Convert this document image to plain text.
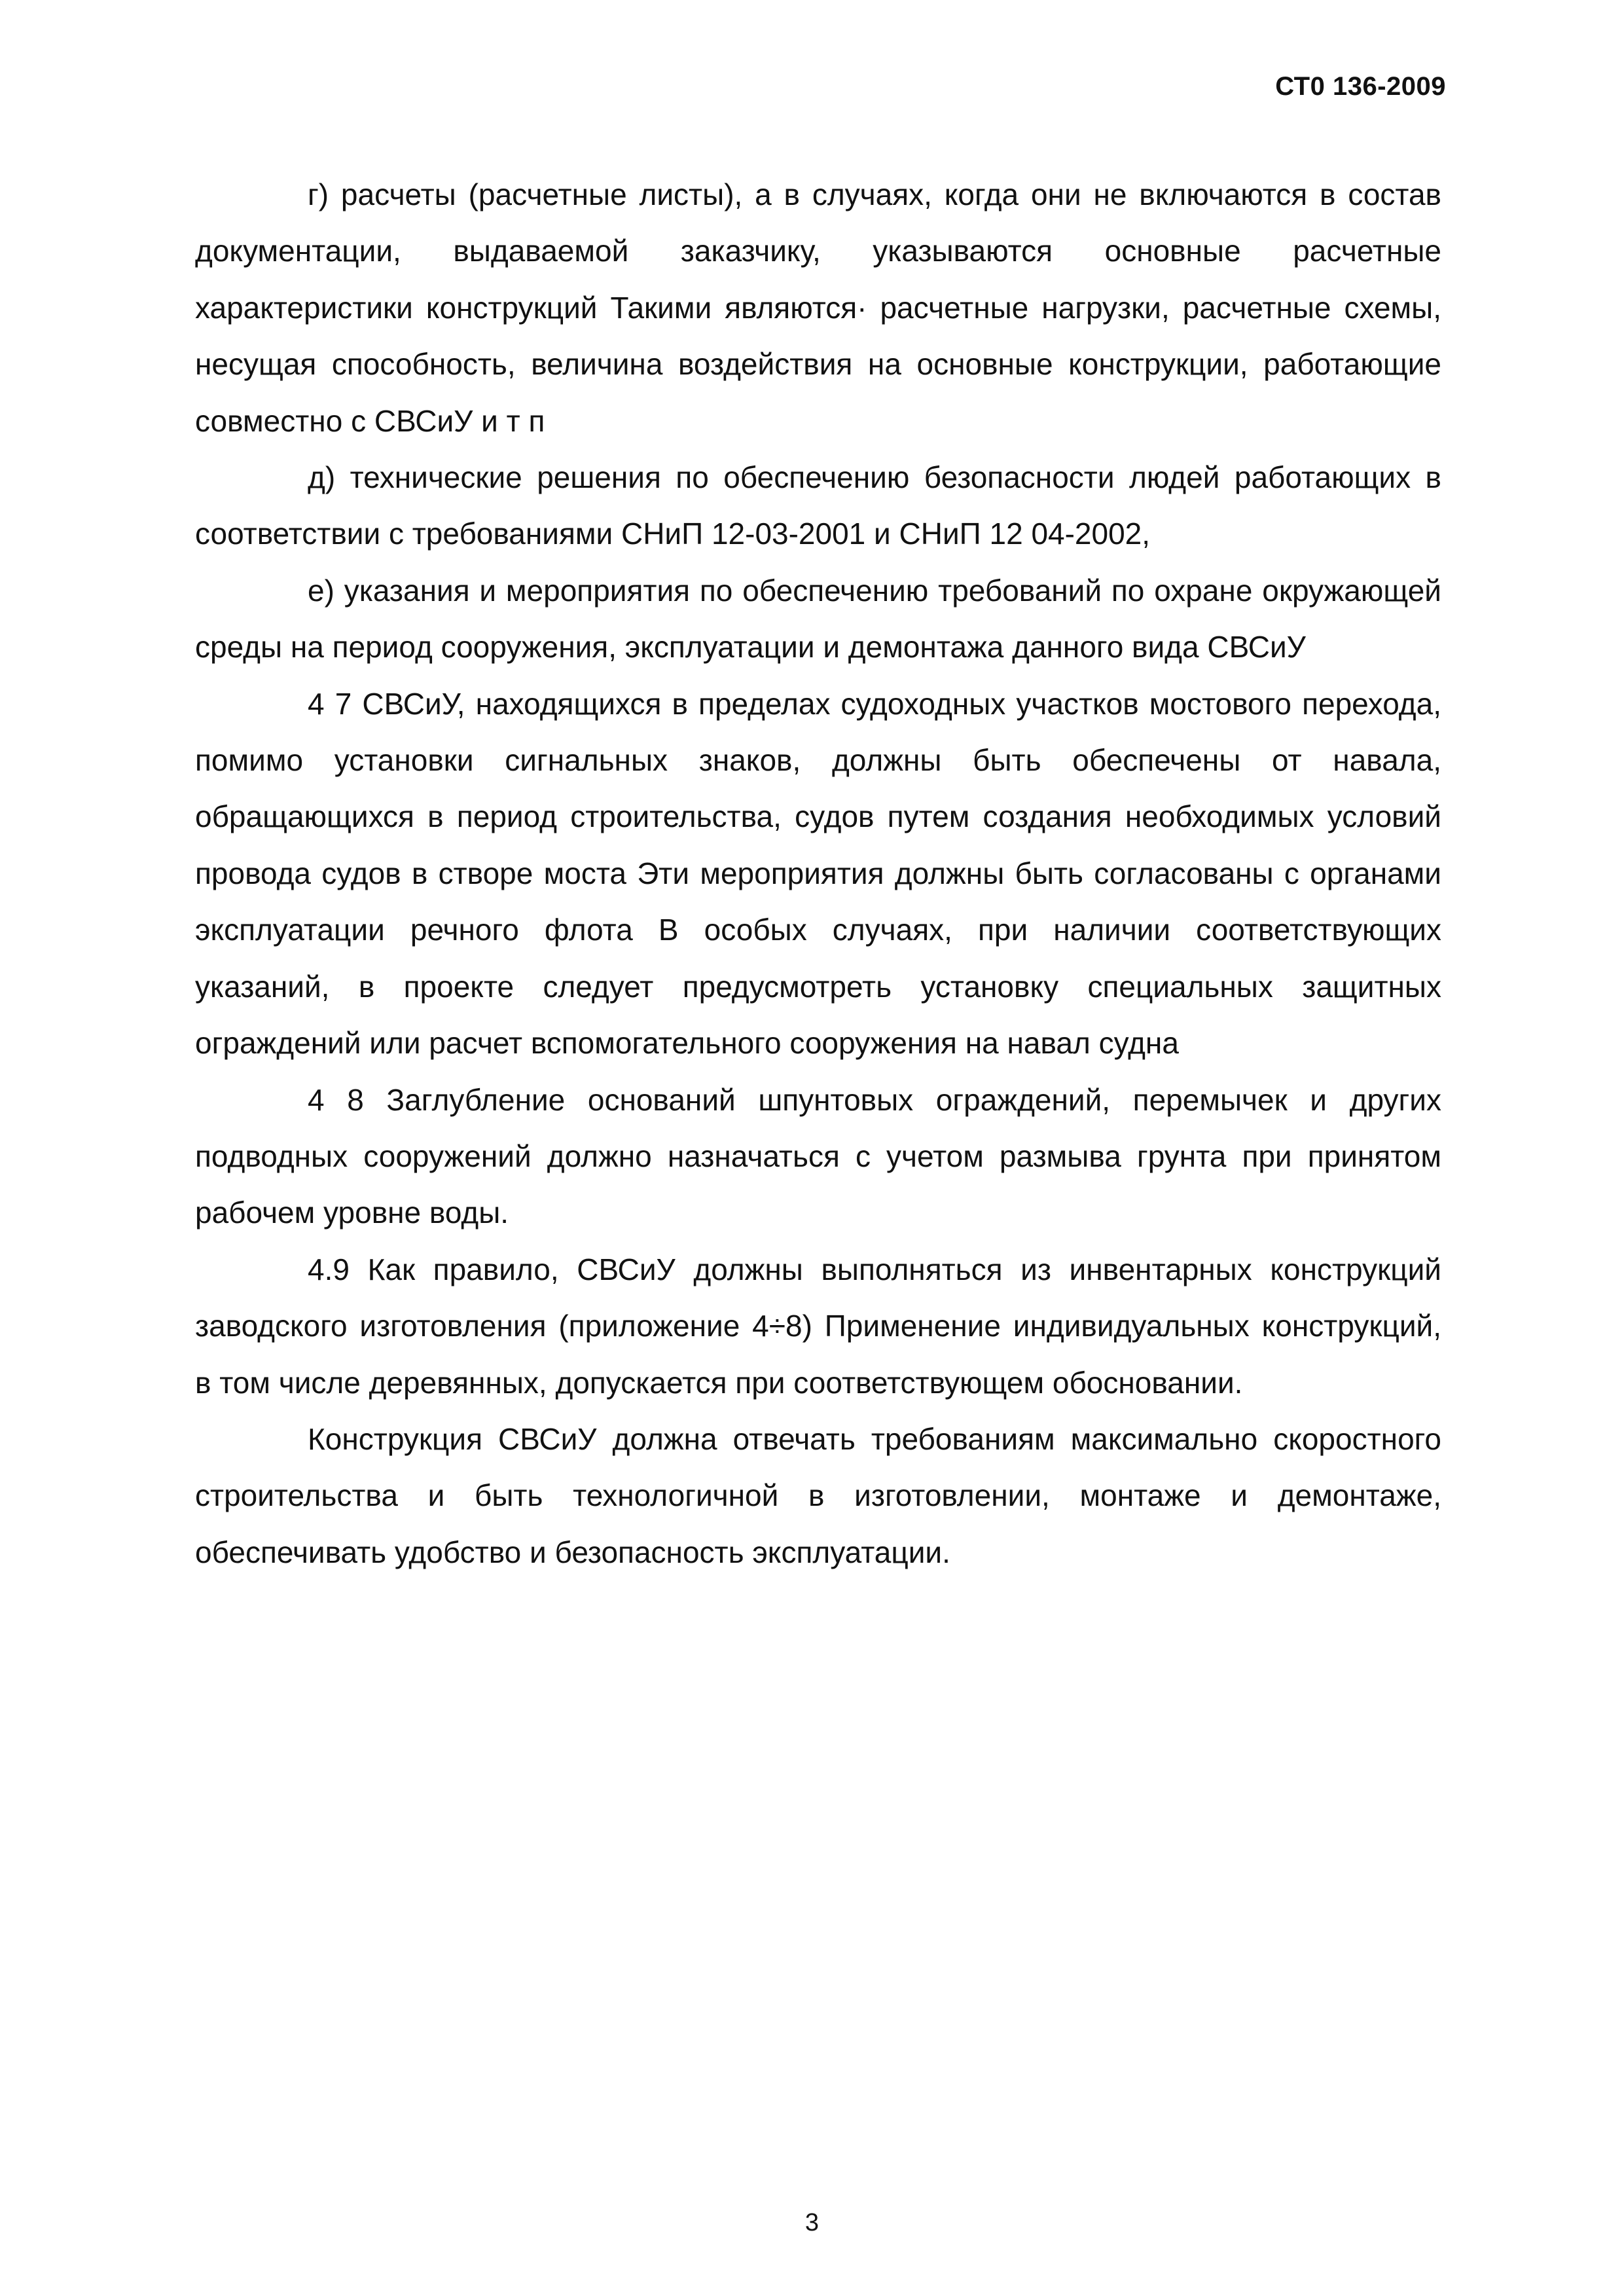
СТ0 136-2009

г) расчеты (расчетные листы), а в случаях, когда они не включаются в состав документации, выдаваемой заказчику, указываются основные расчетные характеристики конструкций Такими являются· расчетные нагрузки, расчетные схемы, несущая способность, величина воздействия на основные конструкции, работающие совместно с СВСиУ и т п

д) технические решения по обеспечению безопасности людей работающих в соответствии с требованиями СНиП 12-03-2001 и СНиП 12 04-2002,

е) указания и мероприятия по обеспечению требований по охране окружающей среды на период сооружения, эксплуатации и демонтажа данного вида СВСиУ

4 7 СВСиУ, находящихся в пределах судоходных участков мостового перехода, помимо установки сигнальных знаков, должны быть обеспечены от навала, обращающихся в период строительства, судов путем создания необходимых условий провода судов в створе моста Эти мероприятия должны быть согласованы с органами эксплуатации речного флота В особых случаях, при наличии соответствующих указаний, в проекте следует предусмотреть установку специальных защитных ограждений или расчет вспомогательного сооружения на навал судна

4 8 Заглубление оснований шпунтовых ограждений, перемычек и других подводных сооружений должно назначаться с учетом размыва грунта при принятом рабочем уровне воды.

4.9 Как правило, СВСиУ должны выполняться из инвентарных конструкций заводского изготовления (приложение 4÷8) Применение индивидуальных конструкций, в том числе деревянных, допускается при соответствующем обосновании.

Конструкция СВСиУ должна отвечать требованиям максимально скоростного строительства и быть технологичной в изготовлении, монтаже и демонтаже, обеспечивать удобство и безопасность эксплуатации.

3
